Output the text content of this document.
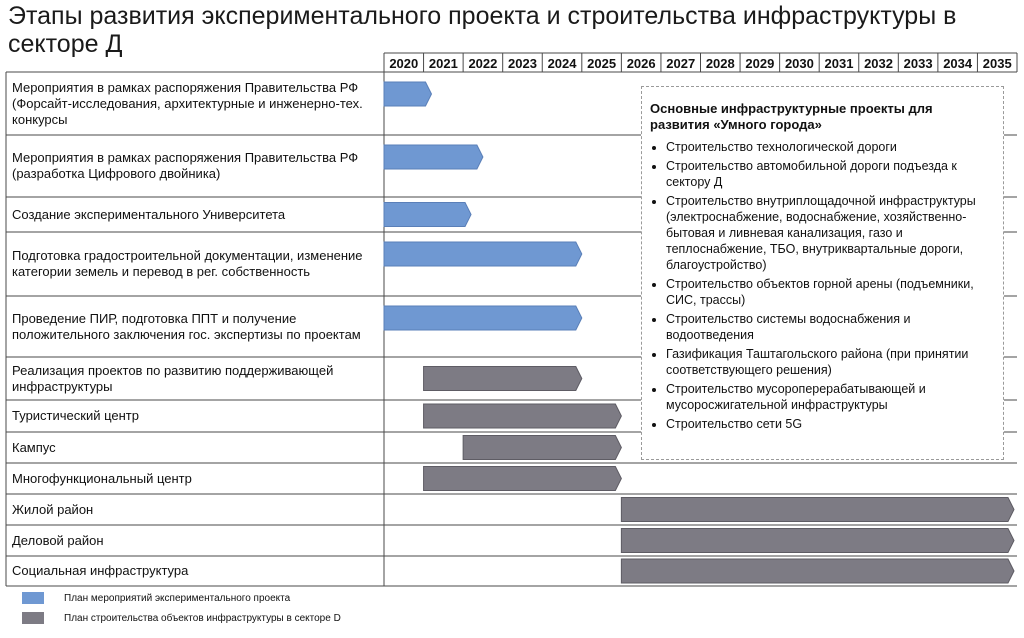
Этапы развития экспериментального проекта и строительства инфраструктуры в секторе Д
2020 2021 2022 2023 2024 2025 2026 2027 2028 2029 2030 2031 2032 2033 2034 2035
Мероприятия в рамках распоряжения Правительства РФ (Форсайт-исследования, архитектурные и инженерно-тех. конкурсы
Мероприятия в рамках распоряжения Правительства РФ (разработка Цифрового двойника)
Создание экспериментального Университета
Подготовка градостроительной документации, изменение категории земель и перевод в рег. собственность
Проведение ПИР, подготовка ППТ и получение положительного заключения гос. экспертизы по проектам
Реализация проектов по развитию поддерживающей инфраструктуры
Туристический центр
Кампус
Многофункциональный центр
Жилой район
Деловой район
Социальная инфраструктура
Основные инфраструктурные проекты для развития «Умного города»
• Строительство технологической дороги
• Строительство автомобильной дороги подъезда к сектору Д
• Строительство внутриплощадочной инфраструктуры (электроснабжение, водоснабжение, хозяйственно-бытовая и ливневая канализация, газо и теплоснабжение, ТБО, внутриквартальные дороги, благоустройство)
• Строительство объектов горной арены (подъемники, СИС, трассы)
• Строительство системы водоснабжения и водоотведения
• Газификация Таштагольского района (при принятии соответствующего решения)
• Строительство мусороперерабатывающей и мусоросжигательной инфраструктуры
• Строительство сети 5G
План мероприятий экспериментального проекта
План строительства объектов инфраструктуры в секторе D
